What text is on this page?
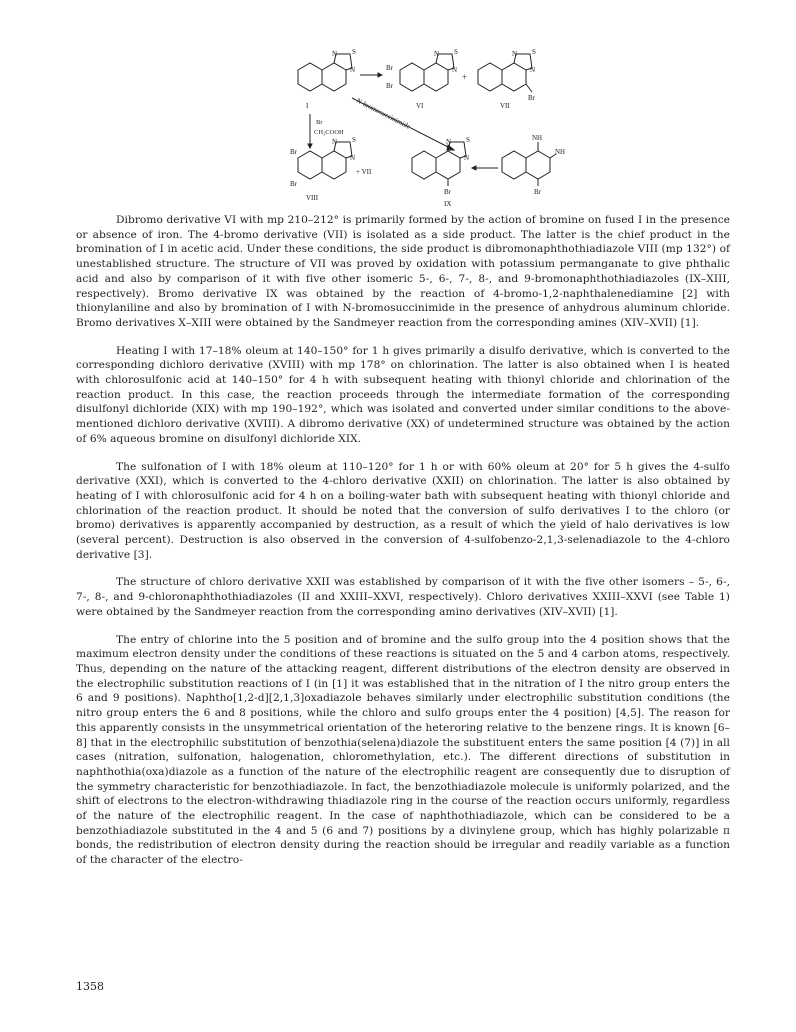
N S
N
I
Br
Br
N S
N
VI
+
N S
N
Br
VII
Br
CH₃COOH
N-bromosuccinimide
Br
Br
N S
N
+ VII
VIII
N S
N
Br
IX
NH
NH
Br

Dibromo derivative VI with mp 210–212° is primarily formed by the action of bromine on fused I in the presence or absence of iron. The 4-bromo derivative (VII) is isolated as a side product. The latter is the chief product in the bromination of I in acetic acid. Under these conditions, the side product is dibromonaphthothiadiazole VIII (mp 132°) of unestablished structure. The structure of VII was proved by oxidation with potassium permanganate to give phthalic acid and also by comparison of it with five other isomeric 5-, 6-, 7-, 8-, and 9-bromonaphthothiadiazoles (IX–XIII, respectively). Bromo derivative IX was obtained by the reaction of 4-bromo-1,2-naphthalenediamine [2] with thionylaniline and also by bromination of I with N-bromosuccinimide in the presence of anhydrous aluminum chloride. Bromo derivatives X–XIII were obtained by the Sandmeyer reaction from the corresponding amines (XIV–XVII) [1].

Heating I with 17–18% oleum at 140–150° for 1 h gives primarily a disulfo derivative, which is converted to the corresponding dichloro derivative (XVIII) with mp 178° on chlorination. The latter is also obtained when I is heated with chlorosulfonic acid at 140–150° for 4 h with subsequent heating with thionyl chloride and chlorination of the reaction product. In this case, the reaction proceeds through the intermediate formation of the corresponding disulfonyl dichloride (XIX) with mp 190–192°, which was isolated and converted under similar conditions to the above-mentioned dichloro derivative (XVIII). A dibromo derivative (XX) of undetermined structure was obtained by the action of 6% aqueous bromine on disulfonyl dichloride XIX.

The sulfonation of I with 18% oleum at 110–120° for 1 h or with 60% oleum at 20° for 5 h gives the 4-sulfo derivative (XXI), which is converted to the 4-chloro derivative (XXII) on chlorination. The latter is also obtained by heating of I with chlorosulfonic acid for 4 h on a boiling-water bath with subsequent heating with thionyl chloride and chlorination of the reaction product. It should be noted that the conversion of sulfo derivatives I to the chloro (or bromo) derivatives is apparently accompanied by destruction, as a result of which the yield of halo derivatives is low (several percent). Destruction is also observed in the conversion of 4-sulfobenzo-2,1,3-selenadiazole to the 4-chloro derivative [3].

The structure of chloro derivative XXII was established by comparison of it with the five other isomers – 5-, 6-, 7-, 8-, and 9-chloronaphthothiadiazoles (II and XXIII–XXVI, respectively). Chloro derivatives XXIII–XXVI (see Table 1) were obtained by the Sandmeyer reaction from the corresponding amino derivatives (XIV–XVII) [1].

The entry of chlorine into the 5 position and of bromine and the sulfo group into the 4 position shows that the maximum electron density under the conditions of these reactions is situated on the 5 and 4 carbon atoms, respectively. Thus, depending on the nature of the attacking reagent, different distributions of the electron density are observed in the electrophilic substitution reactions of I (in [1] it was established that in the nitration of I the nitro group enters the 6 and 9 positions). Naphtho[1,2-d][2,1,3]oxadiazole behaves similarly under electrophilic substitution conditions (the nitro group enters the 6 and 8 positions, while the chloro and sulfo groups enter the 4 position) [4,5]. The reason for this apparently consists in the unsymmetrical orientation of the heteroring relative to the benzene rings. It is known [6–8] that in the electrophilic substitution of benzothia(selena)diazole the substituent enters the same position [4 (7)] in all cases (nitration, sulfonation, halogenation, chloromethylation, etc.). The different directions of substitution in naphthothia(oxa)diazole as a function of the nature of the electrophilic reagent are consequently due to disruption of the symmetry characteristic for benzothiadiazole. In fact, the benzothiadiazole molecule is uniformly polarized, and the shift of electrons to the electron-withdrawing thiadiazole ring in the course of the reaction occurs uniformly, regardless of the nature of the electrophilic reagent. In the case of naphthothiadiazole, which can be considered to be a benzothiadiazole substituted in the 4 and 5 (6 and 7) positions by a divinylene group, which has highly polarizable π bonds, the redistribution of electron density during the reaction should be irregular and readily variable as a function of the character of the electro-

1358
